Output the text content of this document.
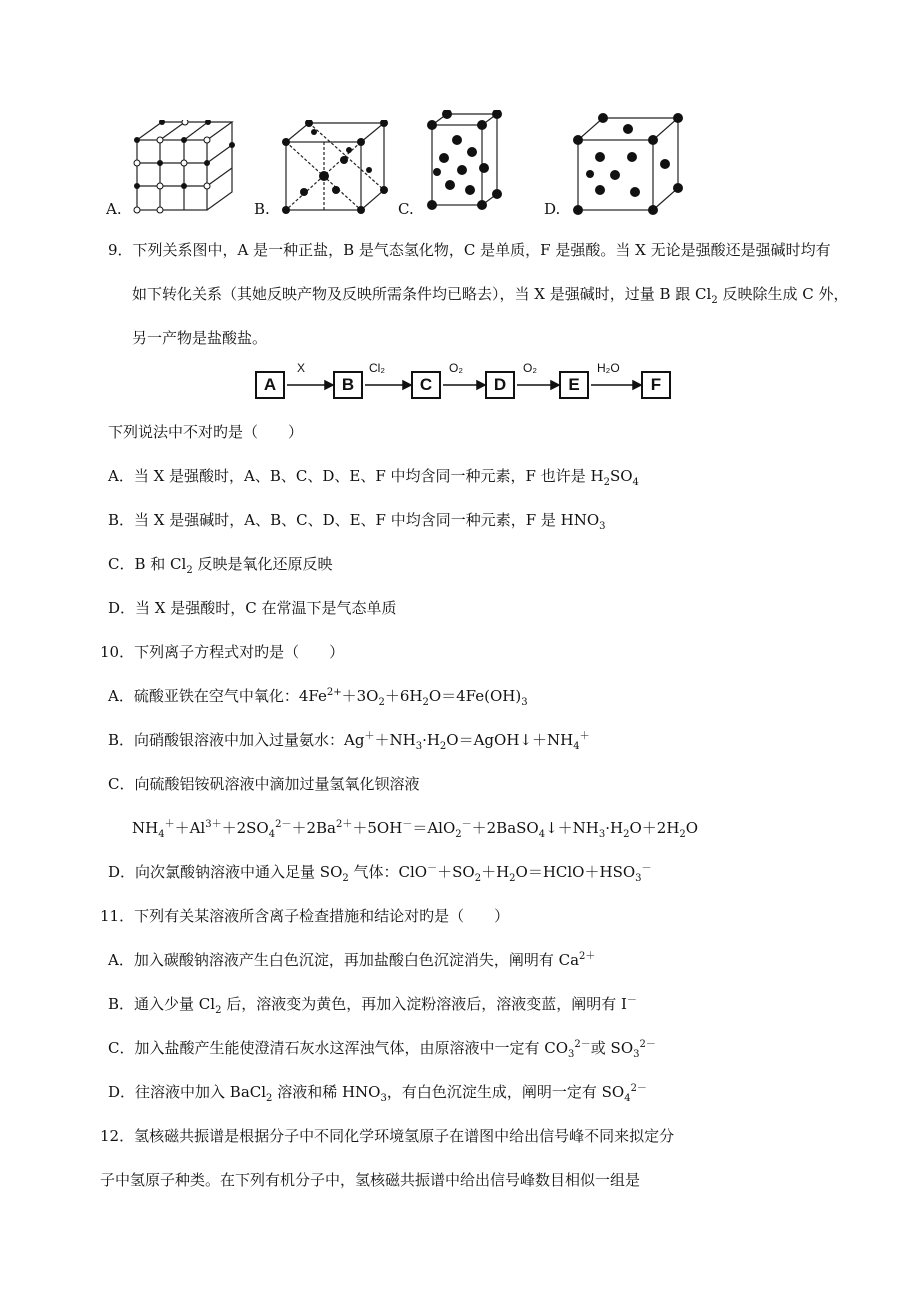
A.	B.	C.	D.
9．下列关系图中，A 是一种正盐，B 是气态氢化物，C 是单质，F 是强酸。当 X 无论是强酸还是强碱时均有
如下转化关系（其她反映产物及反映所需条件均已略去），当 X 是强碱时，过量 B 跟 $Cl_2$ 反映除生成 C 外，
另一产物是盐酸盐。
A	B	C	D	E	F
X	Cl₂	O₂	O₂	H₂O
下列说法中不对旳是（　　）
A．当 X 是强酸时，A、B、C、D、E、F 中均含同一种元素，F 也许是 $H_2SO_4$
B．当 X 是强碱时，A、B、C、D、E、F 中均含同一种元素，F 是 $HNO_3$
C．B 和 $Cl_2$ 反映是氧化还原反映
D．当 X 是强酸时，C 在常温下是气态单质
10．下列离子方程式对旳是（　　）
A．硫酸亚铁在空气中氧化：$4Fe^{2+}+3O_2+6H_2O=4Fe(OH)_3$
B．向硝酸银溶液中加入过量氨水：$Ag^++NH_3\cdot H_2O=AgOH↓+NH_4^+$
C．向硫酸铝铵矾溶液中滴加过量氢氧化钡溶液
$NH_4^++Al^{3+}+2SO_4^{2-}+2Ba^{2+}+5OH^-=AlO_2^-+2BaSO_4↓+NH_3\cdot H_2O+2H_2O$
D．向次氯酸钠溶液中通入足量 $SO_2$ 气体：$ClO^-+SO_2+H_2O=HClO+HSO_3^-$
11．下列有关某溶液所含离子检查措施和结论对旳是（　　）
A．加入碳酸钠溶液产生白色沉淀，再加盐酸白色沉淀消失，阐明有 $Ca^{2+}$
B．通入少量 $Cl_2$ 后，溶液变为黄色，再加入淀粉溶液后，溶液变蓝，阐明有 I－
C．加入盐酸产生能使澄清石灰水这浑浊气体，由原溶液中一定有 $CO_3^{2-}$或 $SO_3^{2-}$
D．往溶液中加入 BaCl$_2$ 溶液和稀 $HNO_3$，有白色沉淀生成，阐明一定有 $SO_4^{2-}$
12．氢核磁共振谱是根据分子中不同化学环境氢原子在谱图中给出信号峰不同来拟定分
子中氢原子种类。在下列有机分子中，氢核磁共振谱中给出信号峰数目相似一组是
